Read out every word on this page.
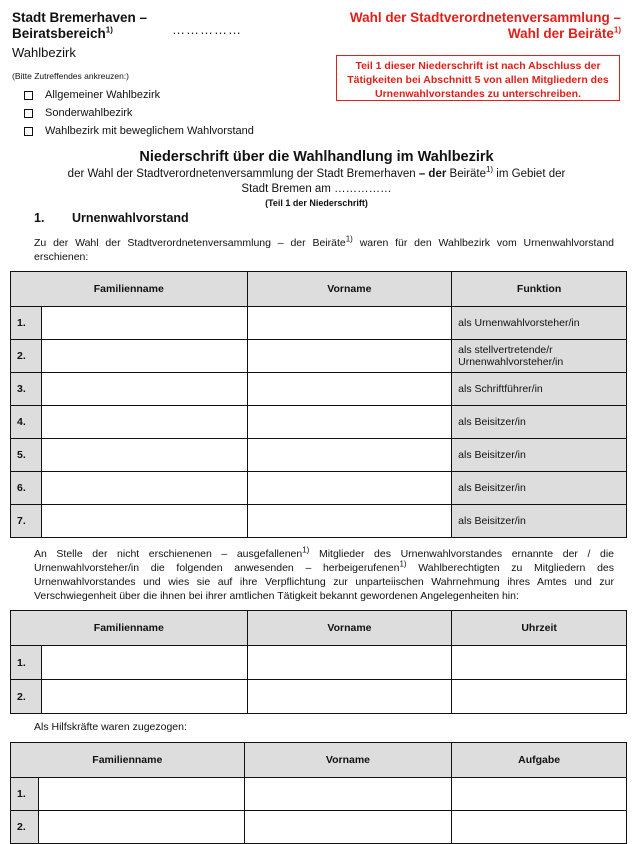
Stadt Bremerhaven –
Beiratsbereich$^{1)}$	……………
Wahl der Stadtverordnetenversammlung –
Wahl der Beiräte$^{1)}$
Wahlbezirk
Teil 1 dieser Niederschrift ist nach Abschluss der Tätigkeiten bei Abschnitt 5 von allen Mitgliedern des Urnenwahlvorstandes zu unterschreiben.
(Bitte Zutreffendes ankreuzen:)
Allgemeiner Wahlbezirk
Sonderwahlbezirk
Wahlbezirk mit beweglichem Wahlvorstand
Niederschrift über die Wahlhandlung im Wahlbezirk
der Wahl der Stadtverordnetenversammlung der Stadt Bremerhaven – der Beiräte$^{1)}$ im Gebiet der
Stadt Bremen am ……………
(Teil 1 der Niederschrift)
1. Urnenwahlvorstand
Zu der Wahl der Stadtverordnetenversammlung – der Beiräte$^{1)}$ waren für den Wahlbezirk vom Urnenwahlvorstand erschienen:
Familienname		Vorname	Funktion
1.			als Urnenwahlvorsteher/in
2.			als stellvertretende/r Urnenwahlvorsteher/in
3.			als Schriftführer/in
4.			als Beisitzer/in
5.			als Beisitzer/in
6.			als Beisitzer/in
7.			als Beisitzer/in
An Stelle der nicht erschienenen – ausgefallenen$^{1)}$ Mitglieder des Urnenwahlvorstandes ernannte der / die Urnenwahlvorsteher/in die folgenden anwesenden – herbeigerufenen$^{1)}$ Wahlberechtigten zu Mitgliedern des Urnenwahlvorstandes und wies sie auf ihre Verpflichtung zur unparteiischen Wahrnehmung ihres Amtes und zur Verschwiegenheit über die ihnen bei ihrer amtlichen Tätigkeit bekannt gewordenen Angelegenheiten hin:
Familienname		Vorname	Uhrzeit
1.			
2.			
Als Hilfskräfte waren zugezogen:
Familienname		Vorname	Aufgabe
1.			
2.			
